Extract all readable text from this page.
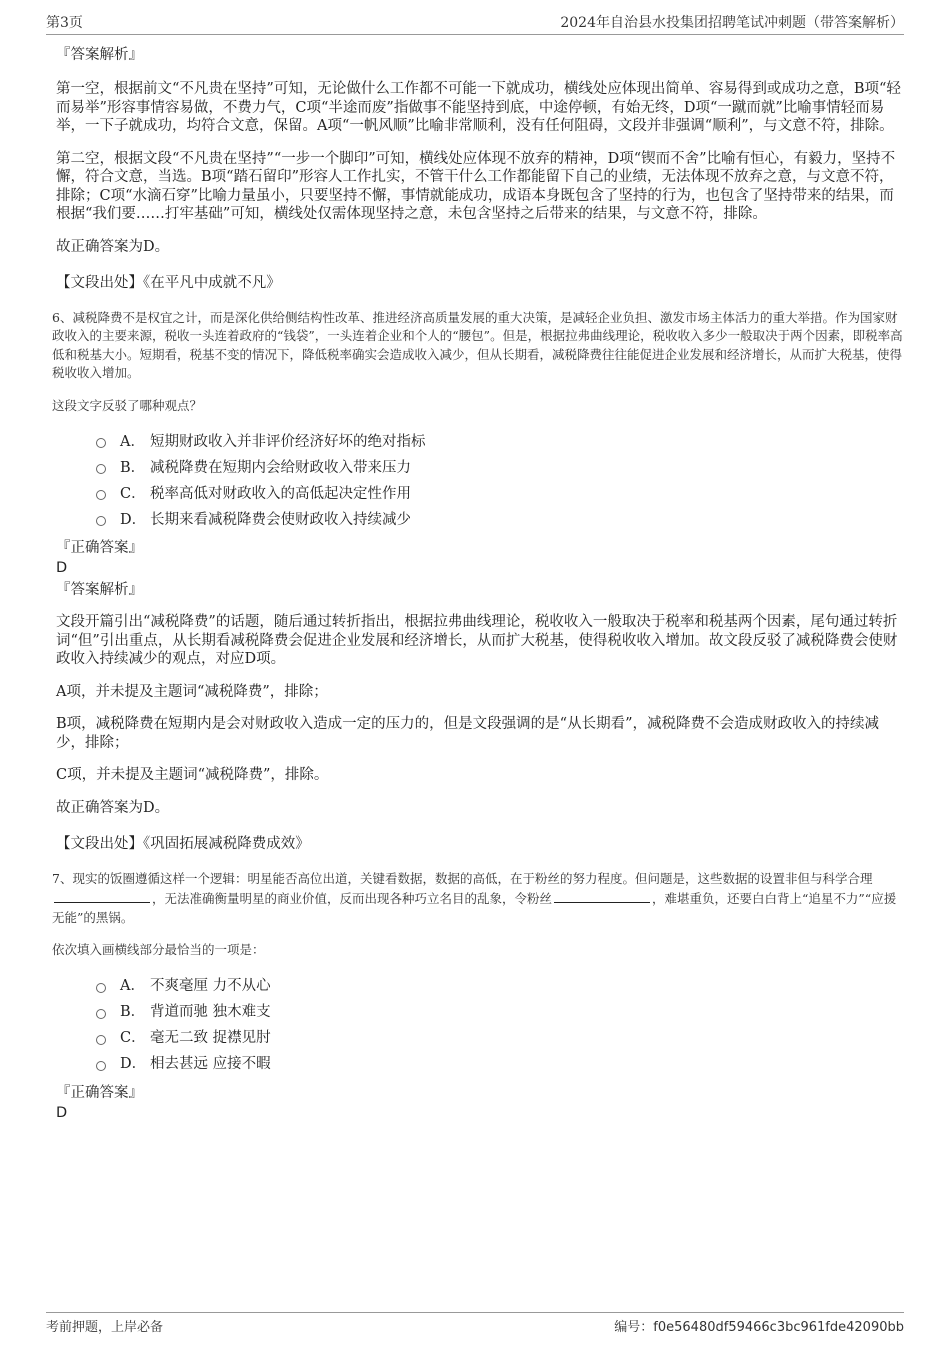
第3页	2024年自治县水投集团招聘笔试冲刺题（带答案解析）

『答案解析』

第一空，根据前文“不凡贵在坚持”可知，无论做什么工作都不可能一下就成功，横线处应体现出简单、容易得到或成功之意，B项“轻而易举”形容事情容易做，不费力气，C项“半途而废”指做事不能坚持到底，中途停顿，有始无终，D项“一蹴而就”比喻事情轻而易举，一下子就成功，均符合文意，保留。A项“一帆风顺”比喻非常顺利，没有任何阻碍，文段并非强调“顺利”，与文意不符，排除。

第二空，根据文段“不凡贵在坚持”“一步一个脚印”可知，横线处应体现不放弃的精神，D项“锲而不舍”比喻有恒心，有毅力，坚持不懈，符合文意，当选。B项“踏石留印”形容人工作扎实，不管干什么工作都能留下自己的业绩，无法体现不放弃之意，与文意不符，排除；C项“水滴石穿”比喻力量虽小，只要坚持不懈，事情就能成功，成语本身既包含了坚持的行为，也包含了坚持带来的结果，而根据“我们要……打牢基础”可知，横线处仅需体现坚持之意，未包含坚持之后带来的结果，与文意不符，排除。

故正确答案为D。

【文段出处】《在平凡中成就不凡》

6、减税降费不是权宜之计，而是深化供给侧结构性改革、推进经济高质量发展的重大决策，是减轻企业负担、激发市场主体活力的重大举措。作为国家财政收入的主要来源，税收一头连着政府的“钱袋”，一头连着企业和个人的“腰包”。但是，根据拉弗曲线理论，税收收入多少一般取决于两个因素，即税率高低和税基大小。短期看，税基不变的情况下，降低税率确实会造成收入减少，但从长期看，减税降费往往能促进企业发展和经济增长，从而扩大税基，使得税收收入增加。

这段文字反驳了哪种观点？

A． 短期财政收入并非评价经济好坏的绝对指标
B． 减税降费在短期内会给财政收入带来压力
C． 税率高低对财政收入的高低起决定性作用
D． 长期来看减税降费会使财政收入持续减少

『正确答案』

D

『答案解析』

文段开篇引出“减税降费”的话题，随后通过转折指出，根据拉弗曲线理论，税收收入一般取决于税率和税基两个因素，尾句通过转折词“但”引出重点，从长期看减税降费会促进企业发展和经济增长，从而扩大税基，使得税收收入增加。故文段反驳了减税降费会使财政收入持续减少的观点，对应D项。

A项，并未提及主题词“减税降费”，排除；

B项，减税降费在短期内是会对财政收入造成一定的压力的，但是文段强调的是“从长期看”，减税降费不会造成财政收入的持续减少，排除；

C项，并未提及主题词“减税降费”，排除。

故正确答案为D。

【文段出处】《巩固拓展减税降费成效》

7、现实的饭圈遵循这样一个逻辑：明星能否高位出道，关键看数据，数据的高低，在于粉丝的努力程度。但问题是，这些数据的设置非但与科学合理，无法准确衡量明星的商业价值，反而出现各种巧立名目的乱象，令粉丝	，难堪重负，还要白白背上“追星不力”“应援无能”的黑锅。

依次填入画横线部分最恰当的一项是：

A． 不爽毫厘 力不从心
B． 背道而驰 独木难支
C． 毫无二致 捉襟见肘
D． 相去甚远 应接不暇

『正确答案』

D

考前押题，上岸必备	编号：f0e56480df59466c3bc961fde42090bb
